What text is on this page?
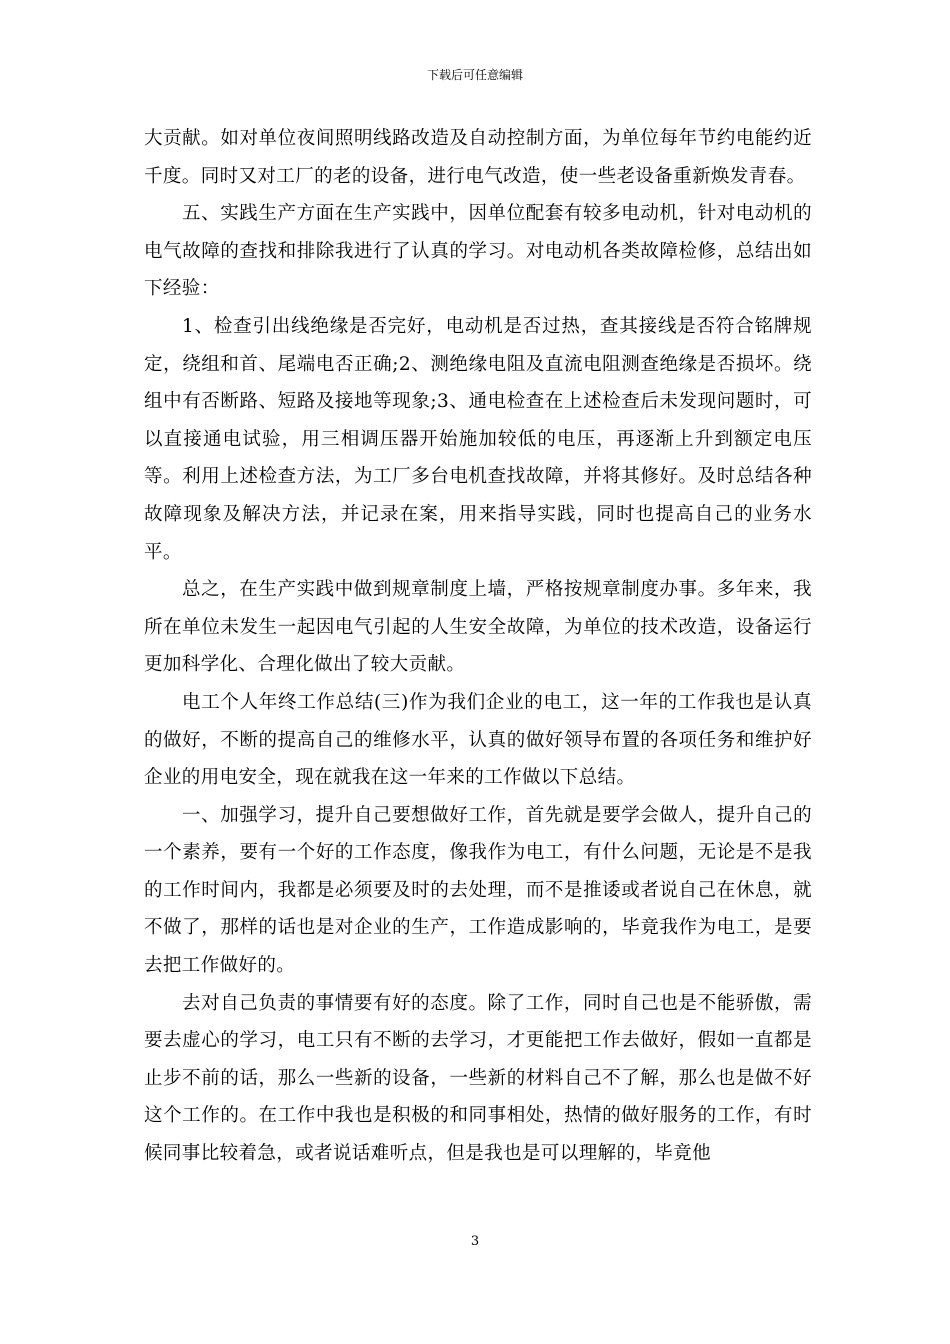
下载后可任意编辑

大贡献。如对单位夜间照明线路改造及自动控制方面，为单位每年节约电能约近千度。同时又对工厂的老的设备，进行电气改造，使一些老设备重新焕发青春。

五、实践生产方面在生产实践中，因单位配套有较多电动机，针对电动机的电气故障的查找和排除我进行了认真的学习。对电动机各类故障检修，总结出如下经验：

1、检查引出线绝缘是否完好，电动机是否过热，查其接线是否符合铭牌规定，绕组和首、尾端电否正确;2、测绝缘电阻及直流电阻测查绝缘是否损坏。绕组中有否断路、短路及接地等现象;3、通电检查在上述检查后未发现问题时，可以直接通电试验，用三相调压器开始施加较低的电压，再逐渐上升到额定电压等。利用上述检查方法，为工厂多台电机查找故障，并将其修好。及时总结各种故障现象及解决方法，并记录在案，用来指导实践，同时也提高自己的业务水平。

总之，在生产实践中做到规章制度上墙，严格按规章制度办事。多年来，我所在单位未发生一起因电气引起的人生安全故障，为单位的技术改造，设备运行更加科学化、合理化做出了较大贡献。

电工个人年终工作总结(三)作为我们企业的电工，这一年的工作我也是认真的做好，不断的提高自己的维修水平，认真的做好领导布置的各项任务和维护好企业的用电安全，现在就我在这一年来的工作做以下总结。

一、加强学习，提升自己要想做好工作，首先就是要学会做人，提升自己的一个素养，要有一个好的工作态度，像我作为电工，有什么问题，无论是不是我的工作时间内，我都是必须要及时的去处理，而不是推诿或者说自己在休息，就不做了，那样的话也是对企业的生产，工作造成影响的，毕竟我作为电工，是要去把工作做好的。

去对自己负责的事情要有好的态度。除了工作，同时自己也是不能骄傲，需要去虚心的学习，电工只有不断的去学习，才更能把工作去做好，假如一直都是止步不前的话，那么一些新的设备，一些新的材料自己不了解，那么也是做不好这个工作的。在工作中我也是积极的和同事相处，热情的做好服务的工作，有时候同事比较着急，或者说话难听点，但是我也是可以理解的，毕竟他

3
